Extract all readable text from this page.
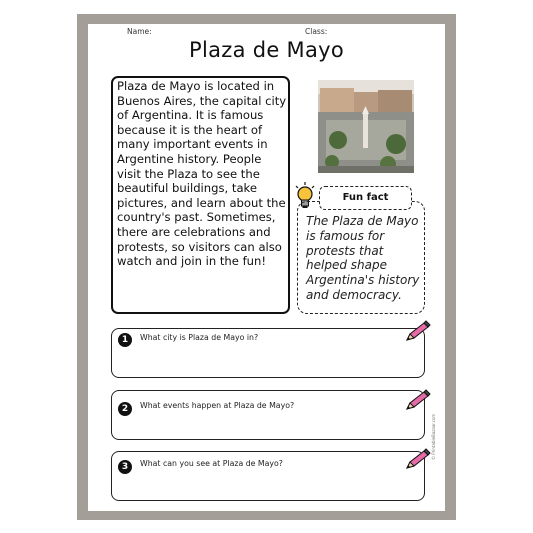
Name:	Class:
Plaza de Mayo
Plaza de Mayo is located in Buenos Aires, the capital city of Argentina. It is famous because it is the heart of many important events in Argentine history. People visit the Plaza to see the beautiful buildings, take pictures, and learn about the country's past. Sometimes, there are celebrations and protests, so visitors can also watch and join in the fun!
Fun fact
The Plaza de Mayo is famous for protests that helped shape Argentina's history and democracy.
1	What city is Plaza de Mayo in?
2	What events happen at Plaza de Mayo?
3	What can you see at Plaza de Mayo?
© PrintableBazaar.com
